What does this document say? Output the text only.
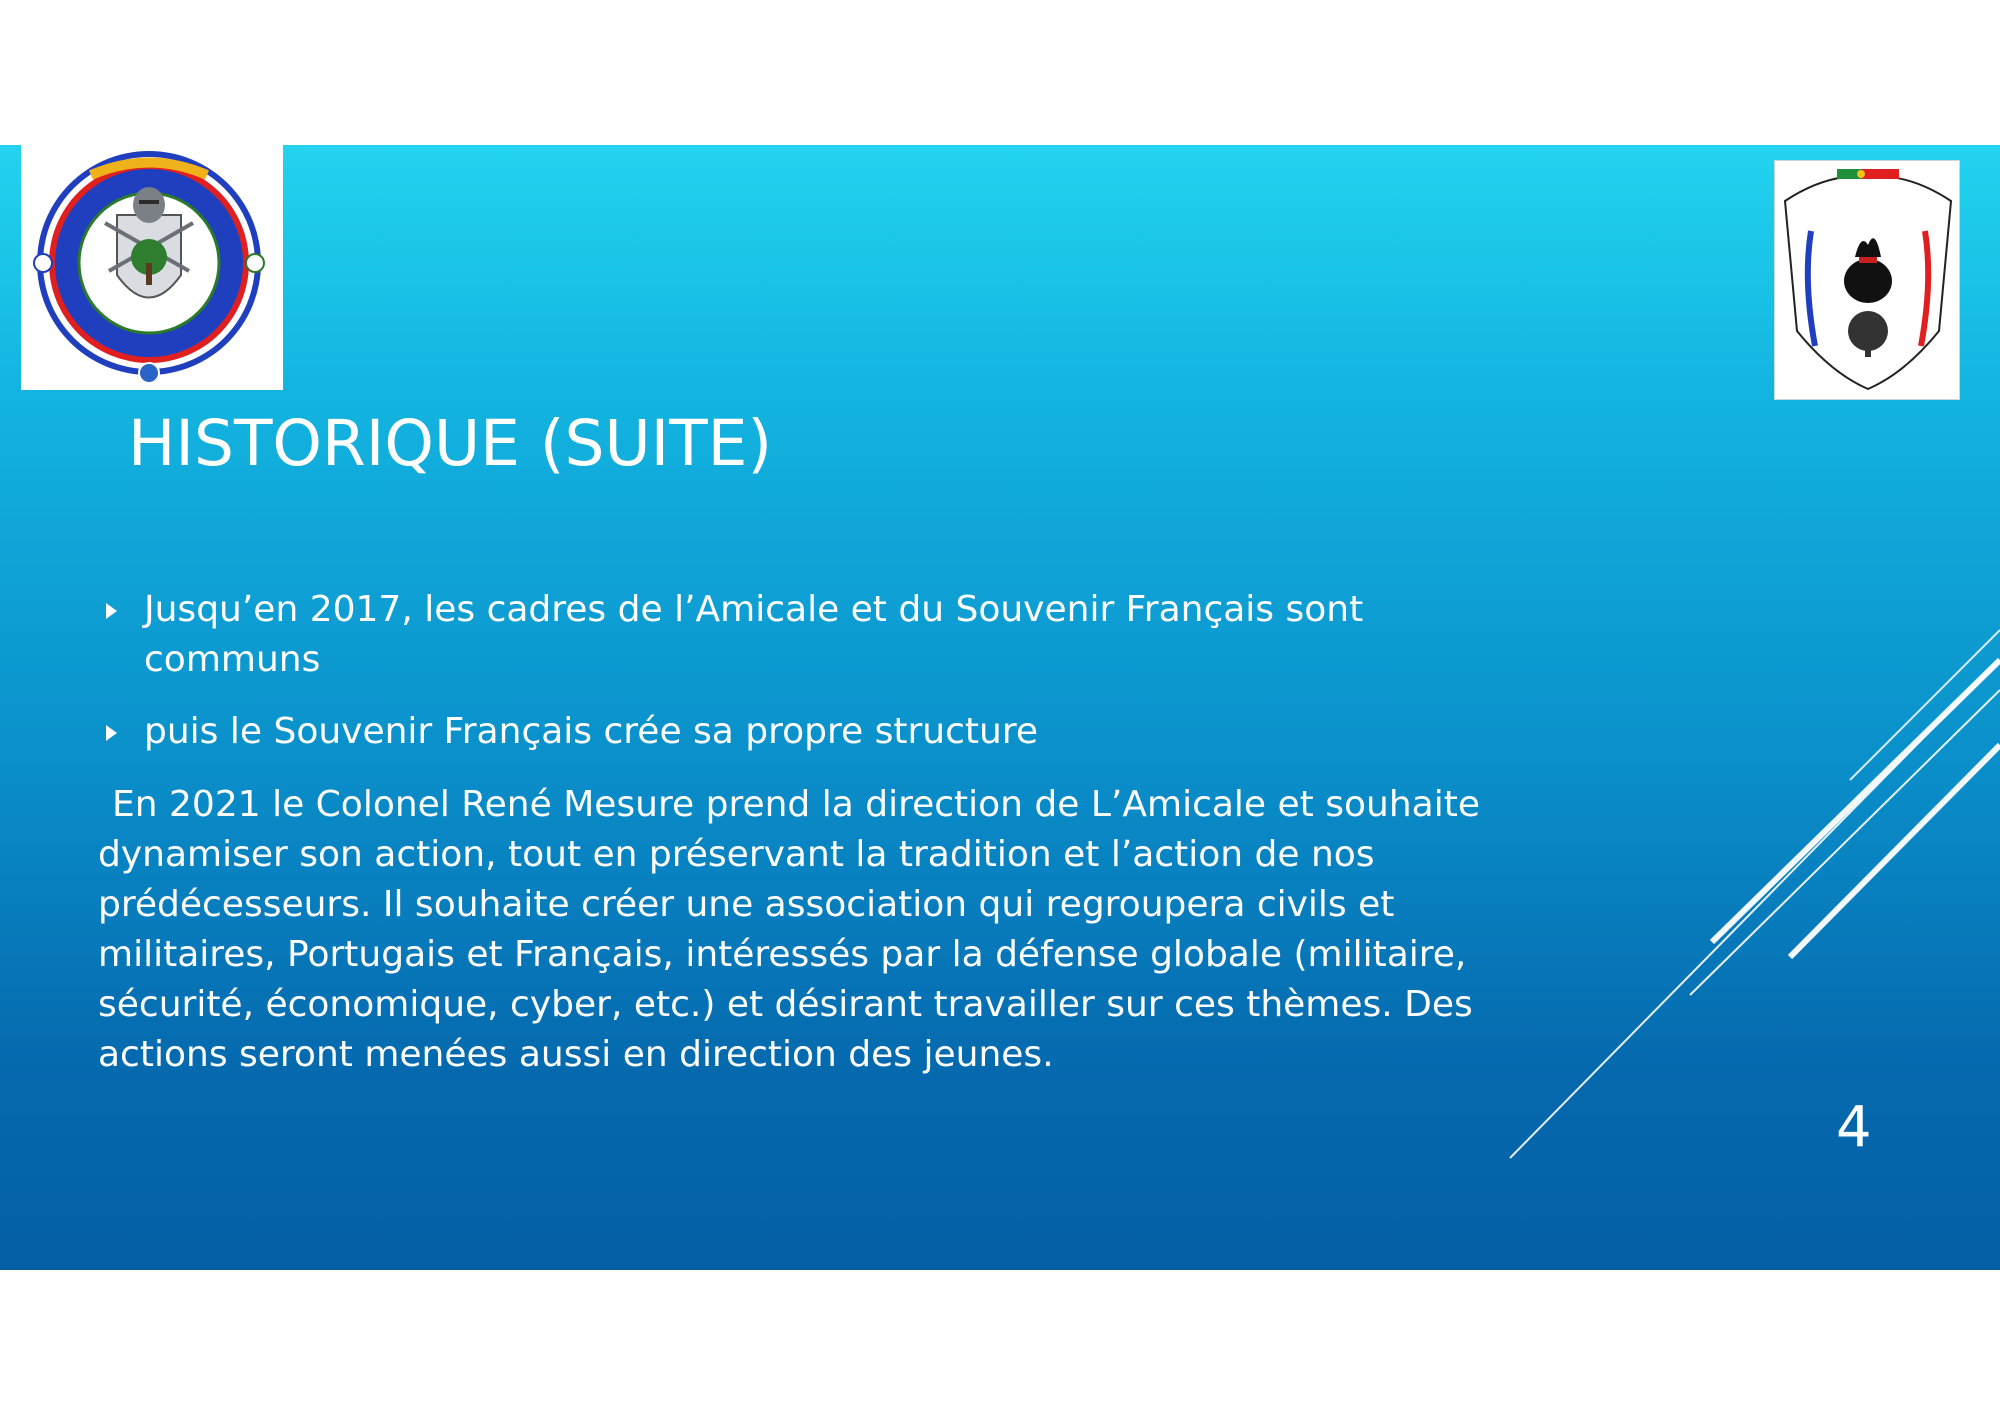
HISTORIQUE (SUITE)
Jusqu’en 2017, les cadres de l’Amicale et du Souvenir Français sont communs
puis le Souvenir Français crée sa propre structure
En 2021 le Colonel René Mesure prend la direction de L’Amicale et souhaite dynamiser son action, tout en préservant la tradition et l’action de nos prédécesseurs. Il souhaite créer une association qui regroupera civils et militaires, Portugais et Français, intéressés par la défense globale (militaire, sécurité, économique, cyber, etc.) et désirant travailler sur ces thèmes. Des actions seront menées aussi en direction des jeunes.
4
